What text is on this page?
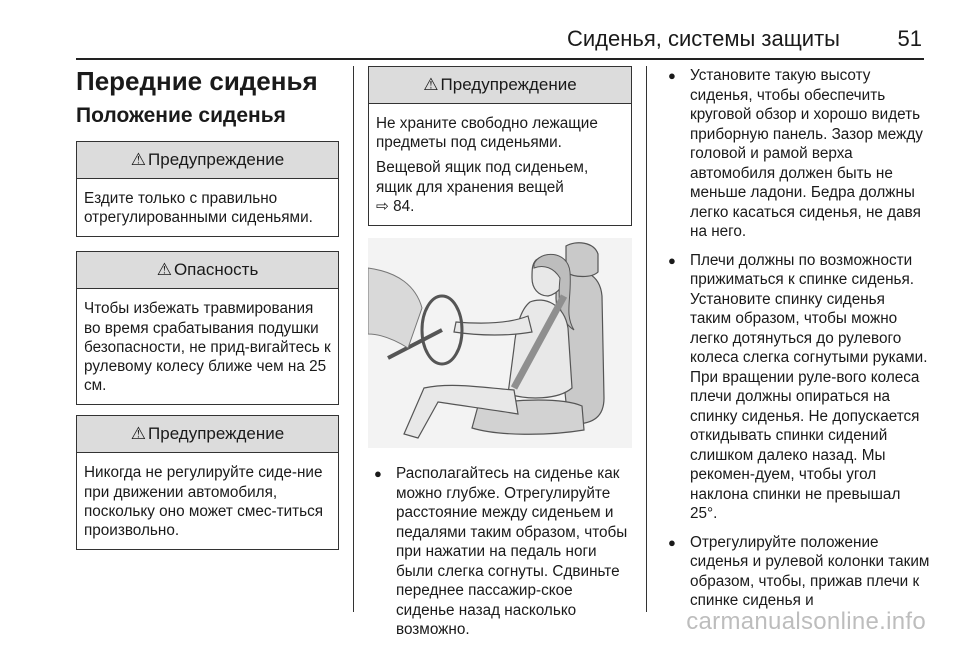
Сиденья, системы защиты	51
Передние сиденья
Положение сиденья
⚠ Предупреждение

Ездите только с правильно отрегулированными сиденьями.

⚠ Опасность

Чтобы избежать травмирования во время срабатывания подушки безопасности, не прид-вигайтесь к рулевому колесу ближе чем на 25 см.

⚠ Предупреждение

Никогда не регулируйте сиде-ние при движении автомобиля, поскольку оно может смес-титься произвольно.

⚠ Предупреждение

Не храните свободно лежащие предметы под сиденьями.

Вещевой ящик под сиденьем, ящик для хранения вещей
⇨ 84.

● Располагайтесь на сиденье как можно глубже. Отрегулируйте расстояние между сиденьем и педалями таким образом, чтобы при нажатии на педаль ноги были слегка согнуты. Сдвиньте переднее пассажир-ское сиденье назад насколько возможно.
● Установите такую высоту сиденья, чтобы обеспечить круговой обзор и хорошо видеть приборную панель. Зазор между головой и рамой верха автомобиля должен быть не меньше ладони. Бедра должны легко касаться сиденья, не давя на него.
● Плечи должны по возможности прижиматься к спинке сиденья. Установите спинку сиденья таким образом, чтобы можно легко дотянуться до рулевого колеса слегка согнутыми руками. При вращении руле-вого колеса плечи должны опираться на спинку сиденья. Не допускается откидывать спинки сидений слишком далеко назад. Мы рекомен-дуем, чтобы угол наклона спинки не превышал 25°.
● Отрегулируйте положение сиденья и рулевой колонки таким образом, чтобы, прижав плечи к спинке сиденья и
carmanualsonline.info
